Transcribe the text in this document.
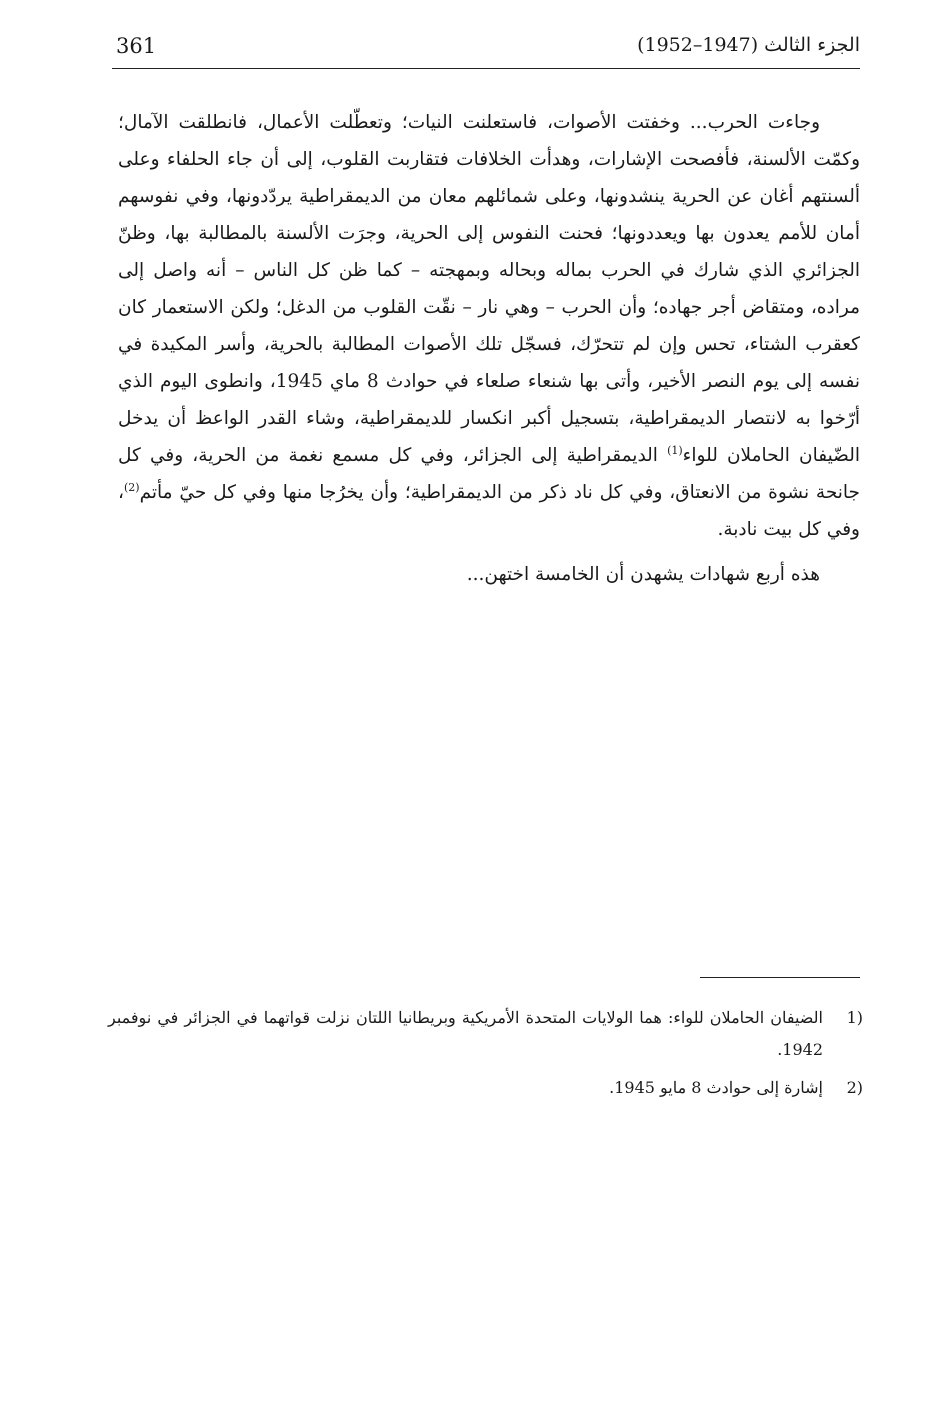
361	الجزء الثالث (1947–1952)

وجاءت الحرب... وخفتت الأصوات، فاستعلنت النيات؛ وتعطّلت الأعمال، فانطلقت الآمال؛ وكمّت الألسنة، فأفصحت الإشارات، وهدأت الخلافات فتقاربت القلوب، إلى أن جاء الحلفاء وعلى ألسنتهم أغان عن الحرية ينشدونها، وعلى شمائلهم معان من الديمقراطية يردّدونها، وفي نفوسهم أمان للأمم يعدون بها ويعددونها؛ فحنت النفوس إلى الحرية، وجرَت الألسنة بالمطالبة بها، وظنّ الجزائري الذي شارك في الحرب بماله وبحاله وبمهجته – كما ظن كل الناس – أنه واصل إلى مراده، ومتقاض أجر جهاده؛ وأن الحرب – وهي نار – نقّت القلوب من الدغل؛ ولكن الاستعمار كان كعقرب الشتاء، تحس وإن لم تتحرّك، فسجّل تلك الأصوات المطالبة بالحرية، وأسر المكيدة في نفسه إلى يوم النصر الأخير، وأتى بها شنعاء صلعاء في حوادث 8 ماي 1945، وانطوى اليوم الذي أرّخوا به لانتصار الديمقراطية، بتسجيل أكبر انكسار للديمقراطية، وشاء القدر الواعظ أن يدخل الضّيفان الحاملان للواء$^{(1)}$ الديمقراطية إلى الجزائر، وفي كل مسمع نغمة من الحرية، وفي كل جانحة نشوة من الانعتاق، وفي كل ناد ذكر من الديمقراطية؛ وأن يخرُجا منها وفي كل حيّ مأتم$^{(2)}$، وفي كل بيت نادبة.

هذه أربع شهادات يشهدن أن الخامسة اختهن...

1)
الضيفان الحاملان للواء: هما الولايات المتحدة الأمريكية وبريطانيا اللتان نزلت قواتهما في الجزائر في نوفمبر 1942.
2)
إشارة إلى حوادث 8 مايو 1945.
